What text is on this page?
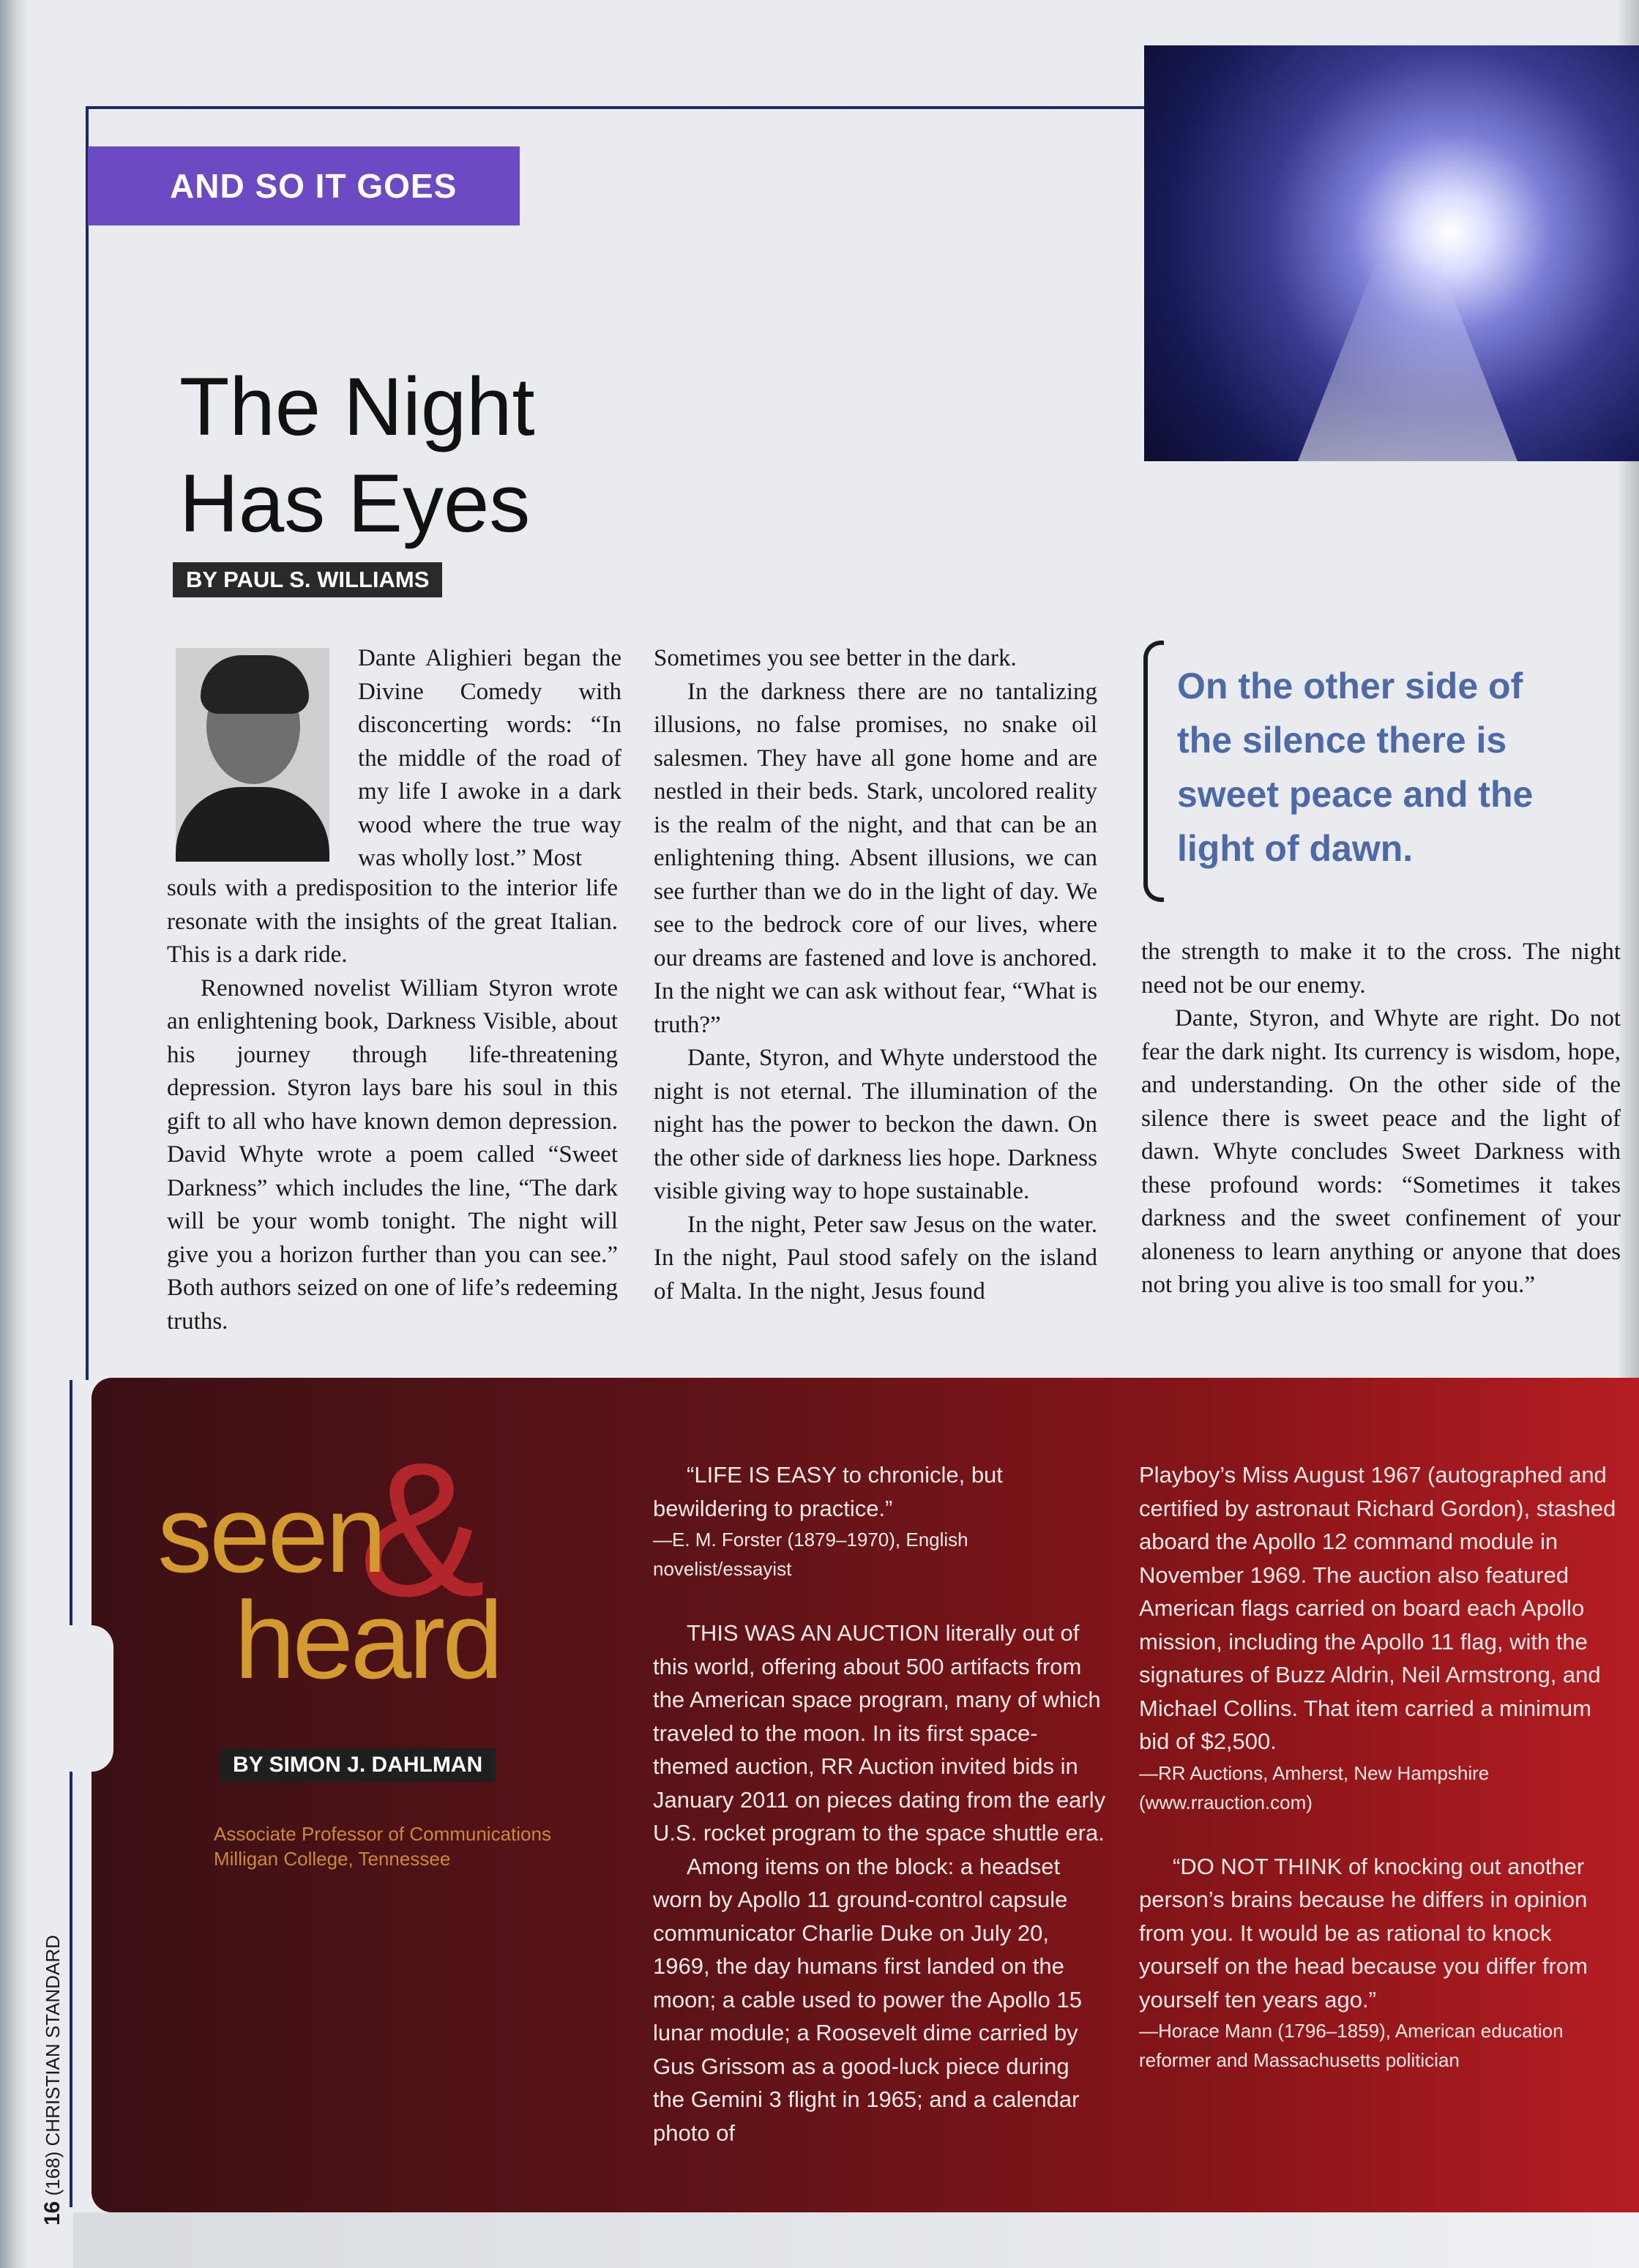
AND SO IT GOES
The Night
Has Eyes
BY PAUL S. WILLIAMS

Dante Alighieri began the Divine Comedy with disconcerting words: “In the middle of the road of my life I awoke in a dark wood where the true way was wholly lost.” Most

souls with a predisposition to the interior life resonate with the insights of the great Italian. This is a dark ride.

Renowned novelist William Styron wrote an enlightening book, Darkness Visible, about his journey through life-threatening depression. Styron lays bare his soul in this gift to all who have known demon depression. David Whyte wrote a poem called “Sweet Darkness” which includes the line, “The dark will be your womb tonight. The night will give you a horizon further than you can see.” Both authors seized on one of life’s redeeming truths.

Sometimes you see better in the dark.

In the darkness there are no tantalizing illusions, no false promises, no snake oil salesmen. They have all gone home and are nestled in their beds. Stark, uncolored reality is the realm of the night, and that can be an enlightening thing. Absent illusions, we can see further than we do in the light of day. We see to the bedrock core of our lives, where our dreams are fastened and love is anchored. In the night we can ask without fear, “What is truth?”

Dante, Styron, and Whyte understood the night is not eternal. The illumination of the night has the power to beckon the dawn. On the other side of darkness lies hope. Darkness visible giving way to hope sustainable.

In the night, Peter saw Jesus on the water. In the night, Paul stood safely on the island of Malta. In the night, Jesus found

On the other side of the silence there is sweet peace and the light of dawn.

the strength to make it to the cross. The night need not be our enemy.

Dante, Styron, and Whyte are right. Do not fear the dark night. Its currency is wisdom, hope, and understanding. On the other side of the silence there is sweet peace and the light of dawn. Whyte concludes Sweet Darkness with these profound words: “Sometimes it takes darkness and the sweet confinement of your aloneness to learn anything or anyone that does not bring you alive is too small for you.”

&
seen
heard
BY SIMON J. DAHLMAN
Associate Professor of Communications
Milligan College, Tennessee

“LIFE IS EASY to chronicle, but bewildering to practice.”

—E. M. Forster (1879–1970), English novelist/essayist

THIS WAS AN AUCTION literally out of this world, offering about 500 artifacts from the American space program, many of which traveled to the moon. In its first space-themed auction, RR Auction invited bids in January 2011 on pieces dating from the early U.S. rocket program to the space shuttle era.

Among items on the block: a headset worn by Apollo 11 ground-control capsule communicator Charlie Duke on July 20, 1969, the day humans first landed on the moon; a cable used to power the Apollo 15 lunar module; a Roosevelt dime carried by Gus Grissom as a good-luck piece during the Gemini 3 flight in 1965; and a calendar photo of

Playboy’s Miss August 1967 (autographed and certified by astronaut Richard Gordon), stashed aboard the Apollo 12 command module in November 1969. The auction also featured American flags carried on board each Apollo mission, including the Apollo 11 flag, with the signatures of Buzz Aldrin, Neil Armstrong, and Michael Collins. That item carried a minimum bid of $2,500.

—RR Auctions, Amherst, New Hampshire

(www.rrauction.com)

“DO NOT THINK of knocking out another person’s brains because he differs in opinion from you. It would be as rational to knock yourself on the head because you differ from yourself ten years ago.”

—Horace Mann (1796–1859), American education reformer and Massachusetts politician

16 (168) CHRISTIAN STANDARD
